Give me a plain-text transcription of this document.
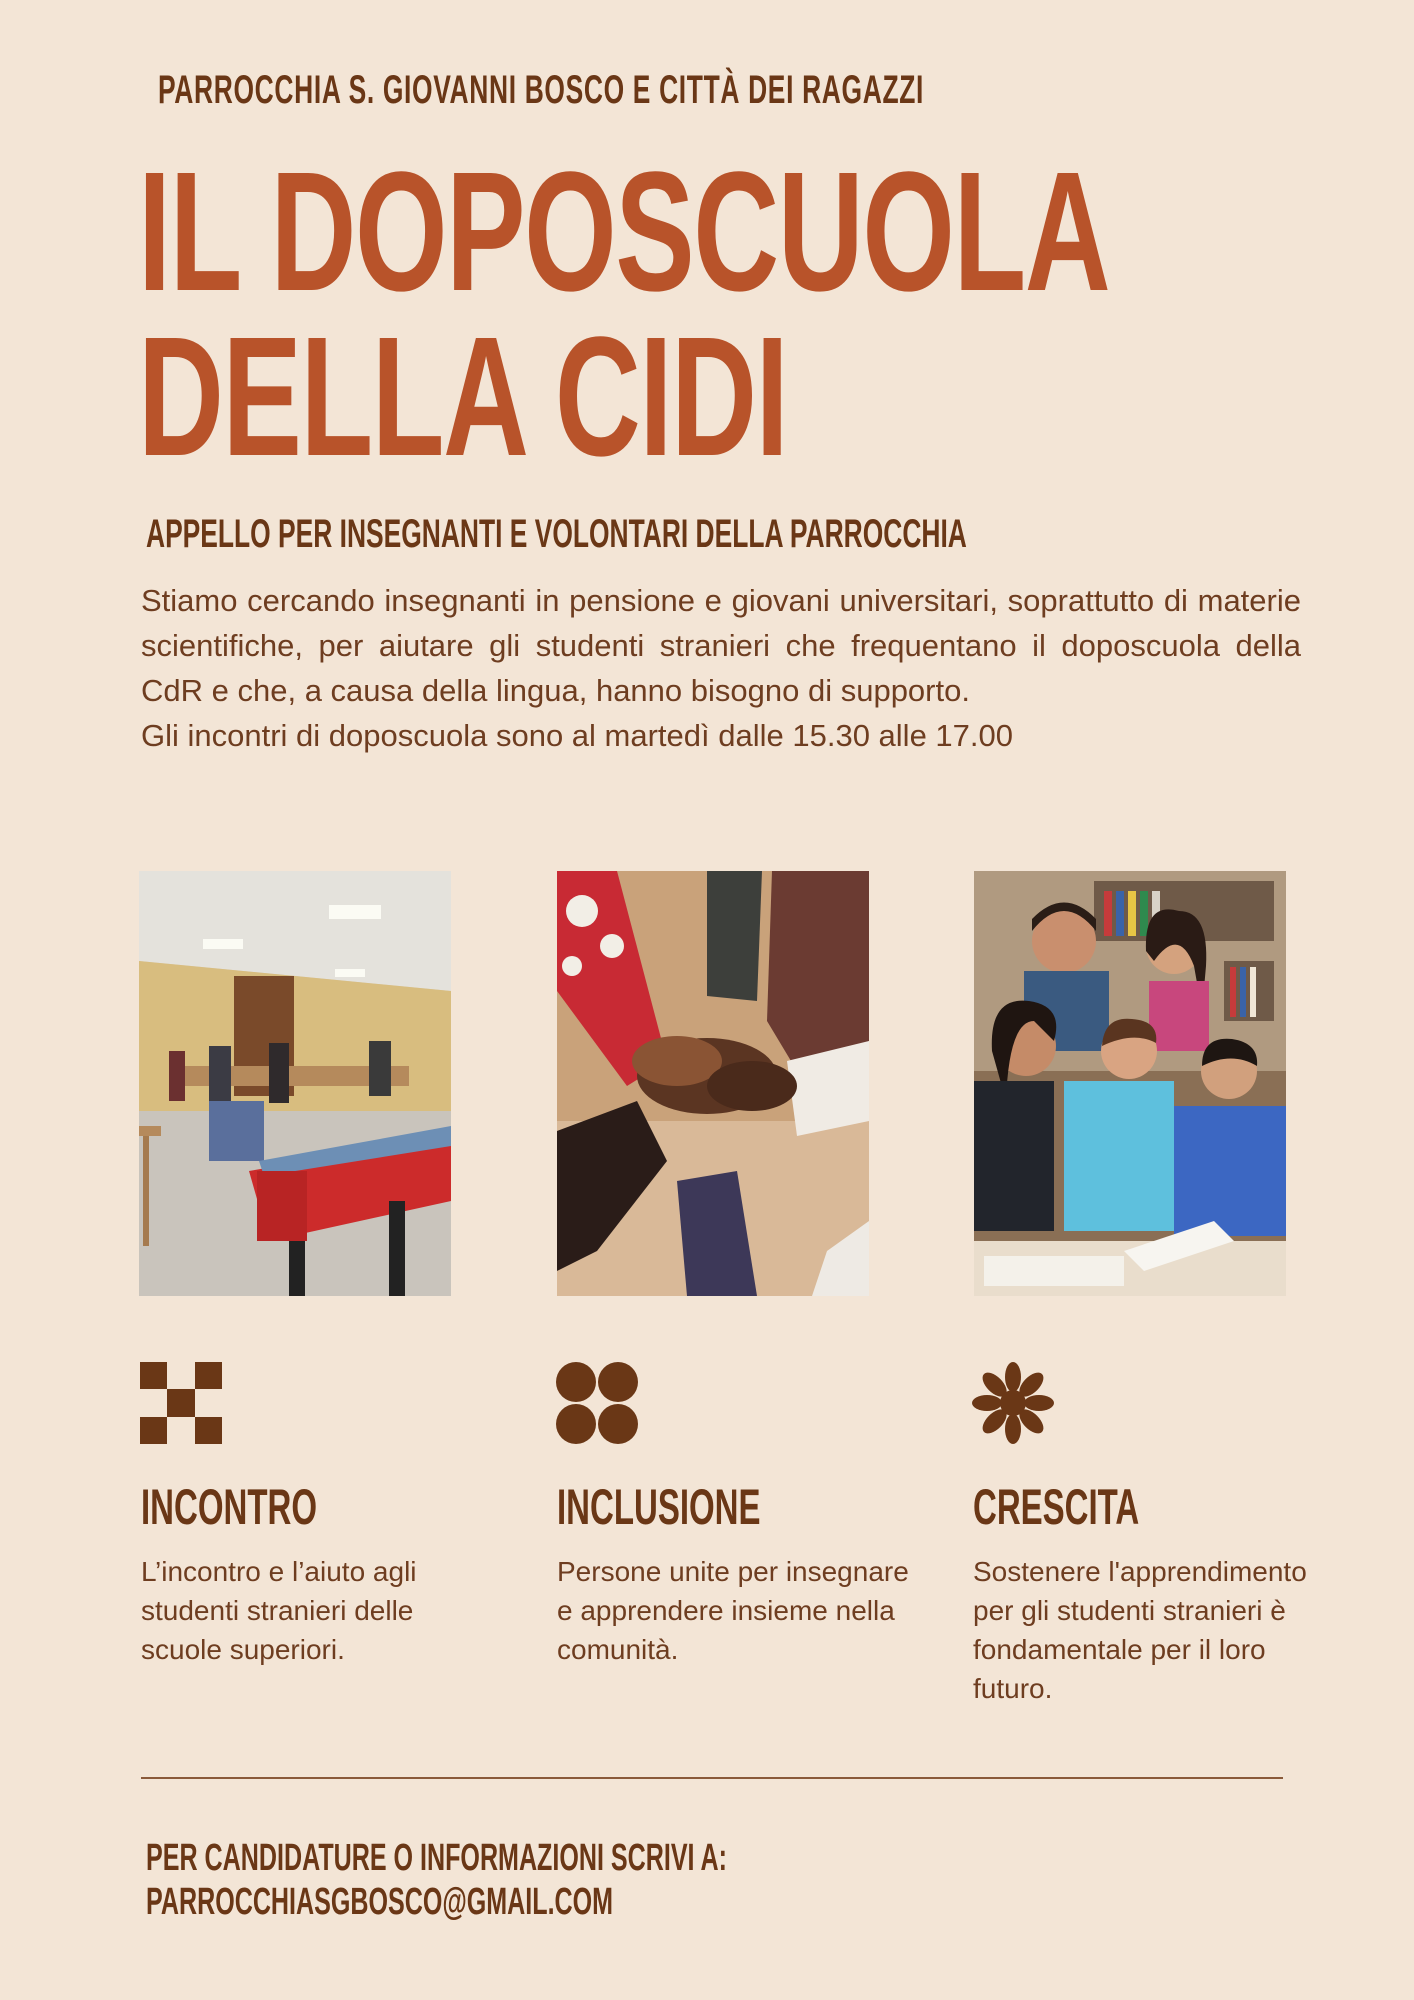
PARROCCHIA S. GIOVANNI BOSCO E CITTÀ DEI RAGAZZI
IL DOPOSCUOLA
DELLA CIDI
APPELLO PER INSEGNANTI E VOLONTARI DELLA PARROCCHIA

Stiamo cercando insegnanti in pensione e giovani universitari, soprattutto di materie scientifiche, per aiutare gli studenti stranieri che frequentano il doposcuola della CdR e che, a causa della lingua, hanno bisogno di supporto.

Gli incontri di doposcuola sono al martedì dalle 15.30 alle 17.00

INCONTRO	INCLUSIONE	CRESCITA
L’incontro e l’aiuto agli studenti stranieri delle scuole superiori.
Persone unite per insegnare e apprendere insieme nella comunità.
Sostenere l'apprendimento per gli studenti stranieri è fondamentale per il loro futuro.
PER CANDIDATURE O INFORMAZIONI SCRIVI A:
PARROCCHIASGBOSCO@GMAIL.COM
